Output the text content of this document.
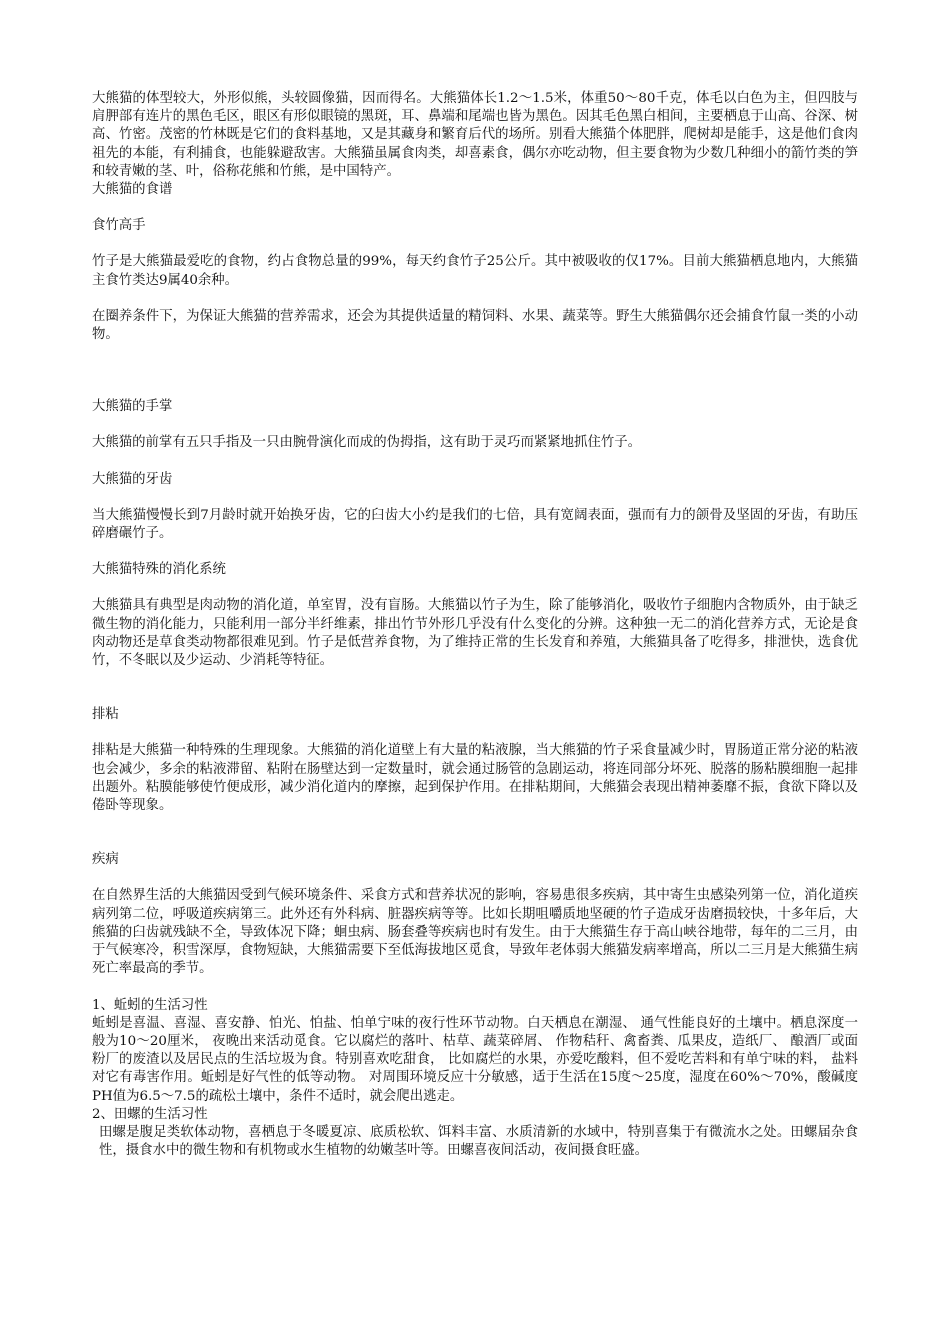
大熊猫的体型较大，外形似熊，头较圆像猫，因而得名。大熊猫体长1.2～1.5米，体重50～80千克，体毛以白色为主，但四肢与肩胛部有连片的黑色毛区，眼区有形似眼镜的黑斑，耳、鼻端和尾端也皆为黑色。因其毛色黑白相间，主要栖息于山高、谷深、树高、竹密。茂密的竹林既是它们的食料基地，又是其藏身和繁育后代的场所。别看大熊猫个体肥胖，爬树却是能手，这是他们食肉祖先的本能，有利捕食，也能躲避敌害。大熊猫虽属食肉类，却喜素食，偶尔亦吃动物，但主要食物为少数几种细小的箭竹类的笋和较青嫩的茎、叶，俗称花熊和竹熊，是中国特产。

大熊猫的食谱

食竹高手

竹子是大熊猫最爱吃的食物，约占食物总量的99%，每天约食竹子25公斤。其中被吸收的仅17%。目前大熊猫栖息地内，大熊猫主食竹类达9属40余种。

在圈养条件下，为保证大熊猫的营养需求，还会为其提供适量的精饲料、水果、蔬菜等。野生大熊猫偶尔还会捕食竹鼠一类的小动物。

大熊猫的手掌

大熊猫的前掌有五只手指及一只由腕骨演化而成的伪拇指，这有助于灵巧而紧紧地抓住竹子。

大熊猫的牙齿

当大熊猫慢慢长到7月龄时就开始换牙齿，它的臼齿大小约是我们的七倍，具有宽阔表面，强而有力的颌骨及坚固的牙齿，有助压碎磨碾竹子。

大熊猫特殊的消化系统

大熊猫具有典型是肉动物的消化道，单室胃，没有盲肠。大熊猫以竹子为生，除了能够消化，吸收竹子细胞内含物质外，由于缺乏微生物的消化能力，只能利用一部分半纤维素，排出竹节外形几乎没有什么变化的分辨。这种独一无二的消化营养方式，无论是食肉动物还是草食类动物都很难见到。竹子是低营养食物，为了维持正常的生长发育和养殖，大熊猫具备了吃得多，排泄快，选食优竹，不冬眠以及少运动、少消耗等特征。

排粘

排粘是大熊猫一种特殊的生理现象。大熊猫的消化道壁上有大量的粘液腺，当大熊猫的竹子采食量减少时，胃肠道正常分泌的粘液也会减少，多余的粘液滞留、粘附在肠壁达到一定数量时，就会通过肠管的急剧运动，将连同部分坏死、脱落的肠粘膜细胞一起排出题外。粘膜能够使竹便成形，减少消化道内的摩擦，起到保护作用。在排粘期间，大熊猫会表现出精神萎靡不振，食欲下降以及倦卧等现象。

疾病

在自然界生活的大熊猫因受到气候环境条件、采食方式和营养状况的影响，容易患很多疾病，其中寄生虫感染列第一位，消化道疾病列第二位，呼吸道疾病第三。此外还有外科病、脏器疾病等等。比如长期咀嚼质地坚硬的竹子造成牙齿磨损较快，十多年后，大熊猫的臼齿就残缺不全，导致体况下降；蛔虫病、肠套叠等疾病也时有发生。由于大熊猫生存于高山峡谷地带，每年的二三月，由于气候寒冷，积雪深厚，食物短缺，大熊猫需要下至低海拔地区觅食，导致年老体弱大熊猫发病率增高，所以二三月是大熊猫生病死亡率最高的季节。

1、蚯蚓的生活习性

蚯蚓是喜温、喜湿、喜安静、怕光、怕盐、怕单宁味的夜行性环节动物。白天栖息在潮湿、 通气性能良好的土壤中。栖息深度一般为10～20厘米， 夜晚出来活动觅食。它以腐烂的落叶、枯草、蔬菜碎屑、 作物秸秆、禽畜粪、瓜果皮，造纸厂、 酿酒厂或面粉厂的废渣以及居民点的生活垃圾为食。特别喜欢吃甜食， 比如腐烂的水果，亦爱吃酸料，但不爱吃苦料和有单宁味的料， 盐料对它有毒害作用。蚯蚓是好气性的低等动物。 对周围环境反应十分敏感，适于生活在15度～25度，湿度在60%～70%，酸碱度PH值为6.5～7.5的疏松土壤中，条件不适时，就会爬出逃走。

2、田螺的生活习性

田螺是腹足类软体动物，喜栖息于冬暖夏凉、底质松软、饵料丰富、水质清新的水域中，特别喜集于有微流水之处。田螺届杂食性，摄食水中的微生物和有机物或水生植物的幼嫩茎叶等。田螺喜夜间活动，夜间摄食旺盛。
